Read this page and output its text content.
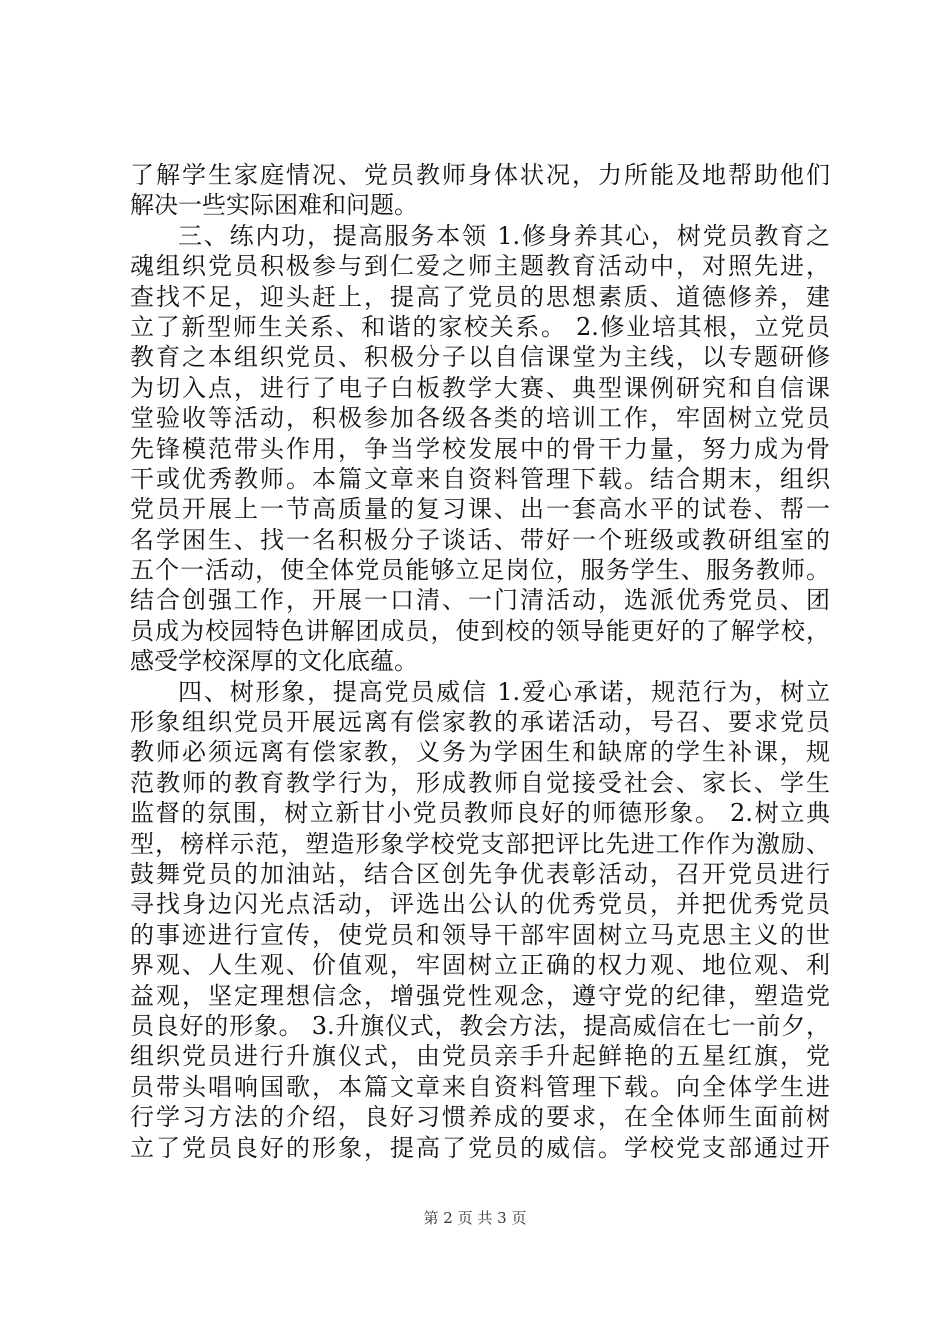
了解学生家庭情况、党员教师身体状况，力所能及地帮助他们
解决一些实际困难和问题。
三、练内功，提高服务本领 1.修身养其心，树党员教育之
魂组织党员积极参与到仁爱之师主题教育活动中，对照先进，
查找不足，迎头赶上，提高了党员的思想素质、道德修养，建
立了新型师生关系、和谐的家校关系。 2.修业培其根，立党员
教育之本组织党员、积极分子以自信课堂为主线，以专题研修
为切入点，进行了电子白板教学大赛、典型课例研究和自信课
堂验收等活动，积极参加各级各类的培训工作，牢固树立党员
先锋模范带头作用，争当学校发展中的骨干力量，努力成为骨
干或优秀教师。本篇文章来自资料管理下载。结合期末，组织
党员开展上一节高质量的复习课、出一套高水平的试卷、帮一
名学困生、找一名积极分子谈话、带好一个班级或教研组室的
五个一活动，使全体党员能够立足岗位，服务学生、服务教师。
结合创强工作，开展一口清、一门清活动，选派优秀党员、团
员成为校园特色讲解团成员，使到校的领导能更好的了解学校，
感受学校深厚的文化底蕴。
四、树形象，提高党员威信 1.爱心承诺，规范行为，树立
形象组织党员开展远离有偿家教的承诺活动，号召、要求党员
教师必须远离有偿家教，义务为学困生和缺席的学生补课，规
范教师的教育教学行为，形成教师自觉接受社会、家长、学生
监督的氛围，树立新甘小党员教师良好的师德形象。 2.树立典
型，榜样示范，塑造形象学校党支部把评比先进工作作为激励、
鼓舞党员的加油站，结合区创先争优表彰活动，召开党员进行
寻找身边闪光点活动，评选出公认的优秀党员，并把优秀党员
的事迹进行宣传，使党员和领导干部牢固树立马克思主义的世
界观、人生观、价值观，牢固树立正确的权力观、地位观、利
益观，坚定理想信念，增强党性观念，遵守党的纪律，塑造党
员良好的形象。 3.升旗仪式，教会方法，提高威信在七一前夕，
组织党员进行升旗仪式，由党员亲手升起鲜艳的五星红旗，党
员带头唱响国歌，本篇文章来自资料管理下载。向全体学生进
行学习方法的介绍，良好习惯养成的要求，在全体师生面前树
立了党员良好的形象，提高了党员的威信。学校党支部通过开
第 2 页 共 3 页
